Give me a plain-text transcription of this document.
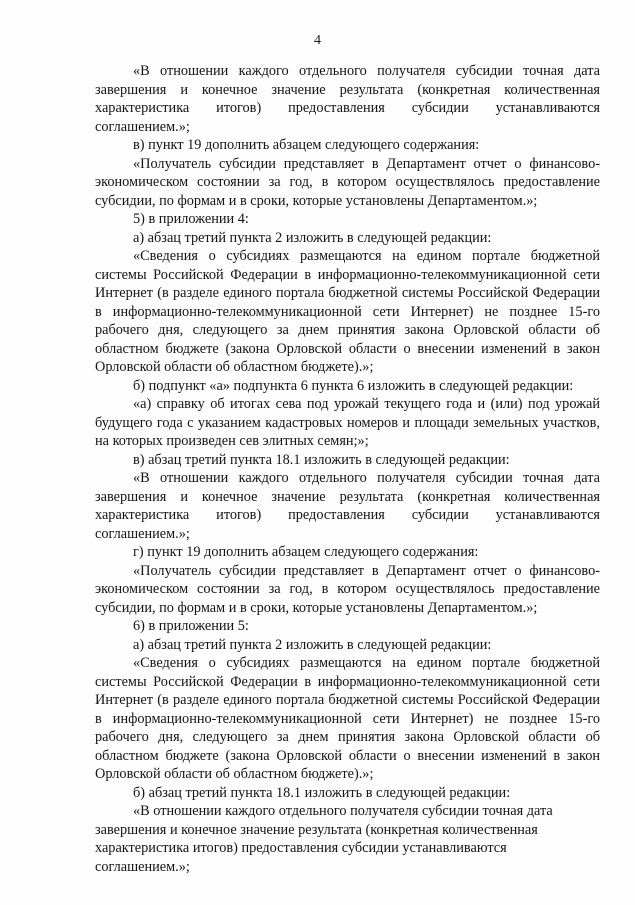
4

«В отношении каждого отдельного получателя субсидии точная дата завершения и конечное значение результата (конкретная количественная характеристика итогов) предоставления субсидии устанавливаются соглашением.»;

в) пункт 19 дополнить абзацем следующего содержания:

«Получатель субсидии представляет в Департамент отчет о финансово-экономическом состоянии за год, в котором осуществлялось предоставление субсидии, по формам и в сроки, которые установлены Департаментом.»;

5) в приложении 4:

а) абзац третий пункта 2 изложить в следующей редакции:

«Сведения о субсидиях размещаются на едином портале бюджетной системы Российской Федерации в информационно-телекоммуникационной сети Интернет (в разделе единого портала бюджетной системы Российской Федерации в информационно-телекоммуникационной сети Интернет) не позднее 15-го рабочего дня, следующего за днем принятия закона Орловской области об областном бюджете (закона Орловской области о внесении изменений в закон Орловской области об областном бюджете).»;

б) подпункт «а» подпункта 6 пункта 6 изложить в следующей редакции:

«а) справку об итогах сева под урожай текущего года и (или) под урожай будущего года с указанием кадастровых номеров и площади земельных участков, на которых произведен сев элитных семян;»;

в) абзац третий пункта 18.1 изложить в следующей редакции:

«В отношении каждого отдельного получателя субсидии точная дата завершения и конечное значение результата (конкретная количественная характеристика итогов) предоставления субсидии устанавливаются соглашением.»;

г) пункт 19 дополнить абзацем следующего содержания:

«Получатель субсидии представляет в Департамент отчет о финансово-экономическом состоянии за год, в котором осуществлялось предоставление субсидии, по формам и в сроки, которые установлены Департаментом.»;

6) в приложении 5:

а) абзац третий пункта 2 изложить в следующей редакции:

«Сведения о субсидиях размещаются на едином портале бюджетной системы Российской Федерации в информационно-телекоммуникационной сети Интернет (в разделе единого портала бюджетной системы Российской Федерации в информационно-телекоммуникационной сети Интернет) не позднее 15-го рабочего дня, следующего за днем принятия закона Орловской области об областном бюджете (закона Орловской области о внесении изменений в закон Орловской области об областном бюджете).»;

б) абзац третий пункта 18.1 изложить в следующей редакции:

«В отношении каждого отдельного получателя субсидии точная дата завершения и конечное значение результата (конкретная количественная характеристика итогов) предоставления субсидии устанавливаются соглашением.»;
